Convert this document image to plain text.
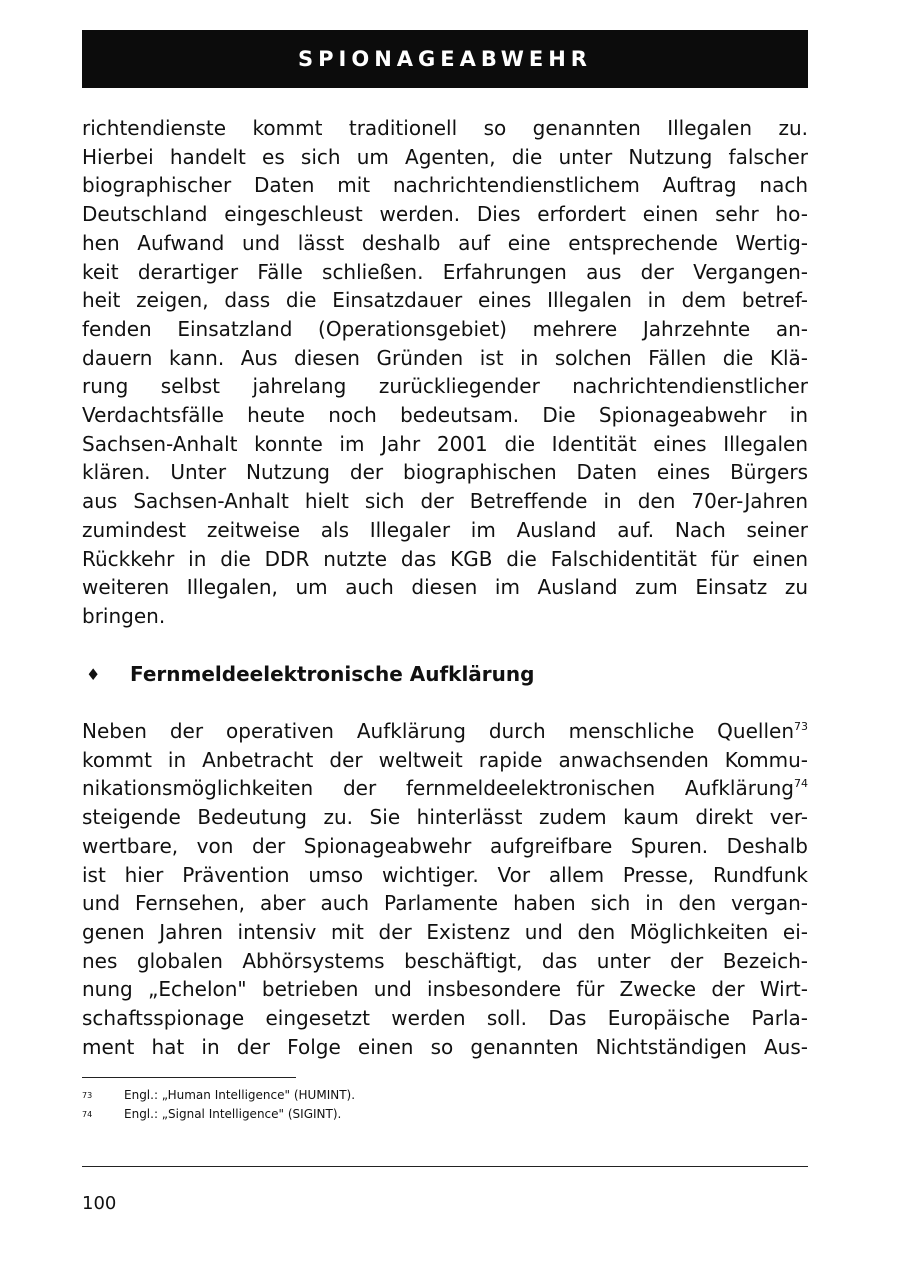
SPIONAGEABWEHR
richtendienste kommt traditionell so genannten Illegalen zu.
Hierbei handelt es sich um Agenten, die unter Nutzung falscher
biographischer Daten mit nachrichtendienstlichem Auftrag nach
Deutschland eingeschleust werden. Dies erfordert einen sehr ho-
hen Aufwand und lässt deshalb auf eine entsprechende Wertig-
keit derartiger Fälle schließen. Erfahrungen aus der Vergangen-
heit zeigen, dass die Einsatzdauer eines Illegalen in dem betref-
fenden Einsatzland (Operationsgebiet) mehrere Jahrzehnte an-
dauern kann. Aus diesen Gründen ist in solchen Fällen die Klä-
rung selbst jahrelang zurückliegender nachrichtendienstlicher
Verdachtsfälle heute noch bedeutsam. Die Spionageabwehr in
Sachsen-Anhalt konnte im Jahr 2001 die Identität eines Illegalen
klären. Unter Nutzung der biographischen Daten eines Bürgers
aus Sachsen-Anhalt hielt sich der Betreffende in den 70er-Jahren
zumindest zeitweise als Illegaler im Ausland auf. Nach seiner
Rückkehr in die DDR nutzte das KGB die Falschidentität für einen
weiteren Illegalen, um auch diesen im Ausland zum Einsatz zu
bringen.
♦	Fernmeldeelektronische Aufklärung
Neben der operativen Aufklärung durch menschliche Quellen$^{73}$
kommt in Anbetracht der weltweit rapide anwachsenden Kommu-
nikationsmöglichkeiten der fernmeldeelektronischen Aufklärung$^{74}$
steigende Bedeutung zu. Sie hinterlässt zudem kaum direkt ver-
wertbare, von der Spionageabwehr aufgreifbare Spuren. Deshalb
ist hier Prävention umso wichtiger. Vor allem Presse, Rundfunk
und Fernsehen, aber auch Parlamente haben sich in den vergan-
genen Jahren intensiv mit der Existenz und den Möglichkeiten ei-
nes globalen Abhörsystems beschäftigt, das unter der Bezeich-
nung „Echelon" betrieben und insbesondere für Zwecke der Wirt-
schaftsspionage eingesetzt werden soll. Das Europäische Parla-
ment hat in der Folge einen so genannten Nichtständigen Aus-
73	Engl.: „Human Intelligence" (HUMINT).
74	Engl.: „Signal Intelligence" (SIGINT).
100
